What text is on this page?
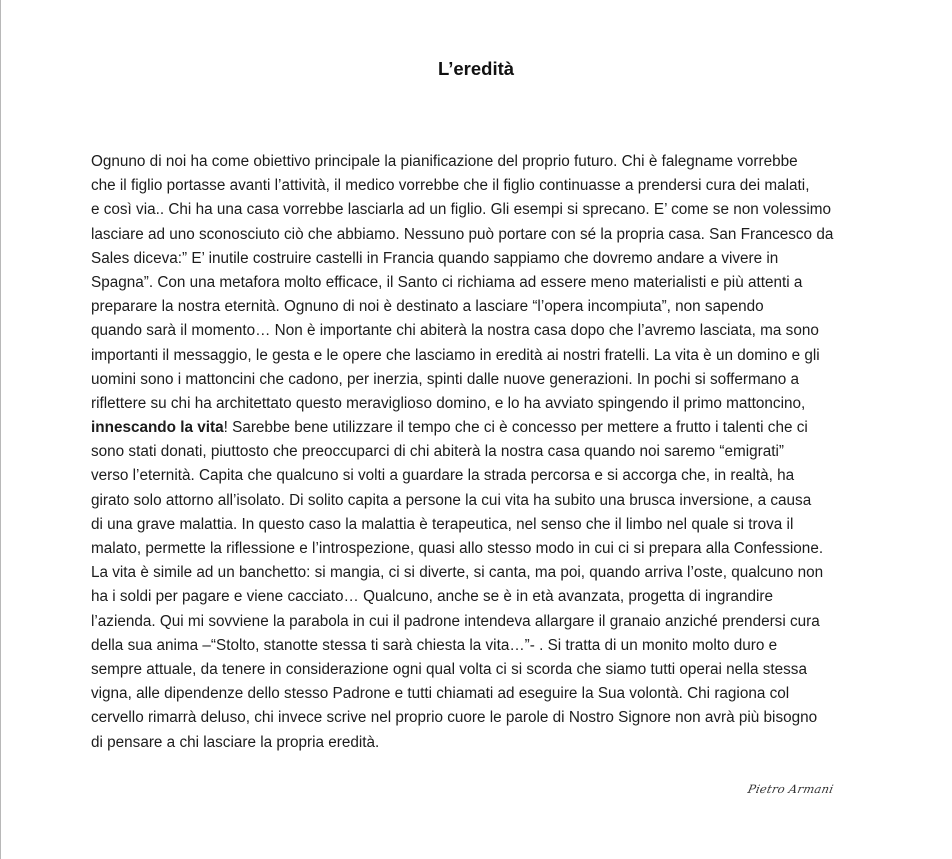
L’eredità
Ognuno di noi ha come obiettivo principale la pianificazione del proprio futuro. Chi è falegname vorrebbe
che il figlio portasse avanti l’attività, il medico vorrebbe che il figlio continuasse a prendersi cura dei malati,
e così via.. Chi ha una casa vorrebbe lasciarla ad un figlio. Gli esempi si sprecano. E’ come se non volessimo
lasciare ad uno sconosciuto ciò che abbiamo. Nessuno può portare con sé la propria casa. San Francesco da
Sales diceva:” E’ inutile costruire castelli in Francia quando sappiamo che dovremo andare a vivere in
Spagna”. Con una metafora molto efficace, il Santo ci richiama ad essere meno materialisti e più attenti a
preparare la nostra eternità. Ognuno di noi è destinato a lasciare “l’opera incompiuta”, non sapendo
quando sarà il momento… Non è importante chi abiterà la nostra casa dopo che l’avremo lasciata, ma sono
importanti il messaggio, le gesta e le opere che lasciamo in eredità ai nostri fratelli. La vita è un domino e gli
uomini sono i mattoncini che cadono, per inerzia, spinti dalle nuove generazioni. In pochi si soffermano a
riflettere su chi ha architettato questo meraviglioso domino, e lo ha avviato spingendo il primo mattoncino,
innescando la vita! Sarebbe bene utilizzare il tempo che ci è concesso per mettere a frutto i talenti che ci
sono stati donati, piuttosto che preoccuparci di chi abiterà la nostra casa quando noi saremo “emigrati”
verso l’eternità. Capita che qualcuno si volti a guardare la strada percorsa e si accorga che, in realtà, ha
girato solo attorno all’isolato. Di solito capita a persone la cui vita ha subito una brusca inversione, a causa
di una grave malattia. In questo caso la malattia è terapeutica, nel senso che il limbo nel quale si trova il
malato, permette la riflessione e l’introspezione, quasi allo stesso modo in cui ci si prepara alla Confessione.
La vita è simile ad un banchetto: si mangia, ci si diverte, si canta, ma poi, quando arriva l’oste, qualcuno non
ha i soldi per pagare e viene cacciato… Qualcuno, anche se è in età avanzata, progetta di ingrandire
l’azienda. Qui mi sovviene la parabola in cui il padrone intendeva allargare il granaio anziché prendersi cura
della sua anima –“Stolto, stanotte stessa ti sarà chiesta la vita…”- . Si tratta di un monito molto duro e
sempre attuale, da tenere in considerazione ogni qual volta ci si scorda che siamo tutti operai nella stessa
vigna, alle dipendenze dello stesso Padrone e tutti chiamati ad eseguire la Sua volontà. Chi ragiona col
cervello rimarrà deluso, chi invece scrive nel proprio cuore le parole di Nostro Signore non avrà più bisogno
di pensare a chi lasciare la propria eredità.
Pietro Armani
